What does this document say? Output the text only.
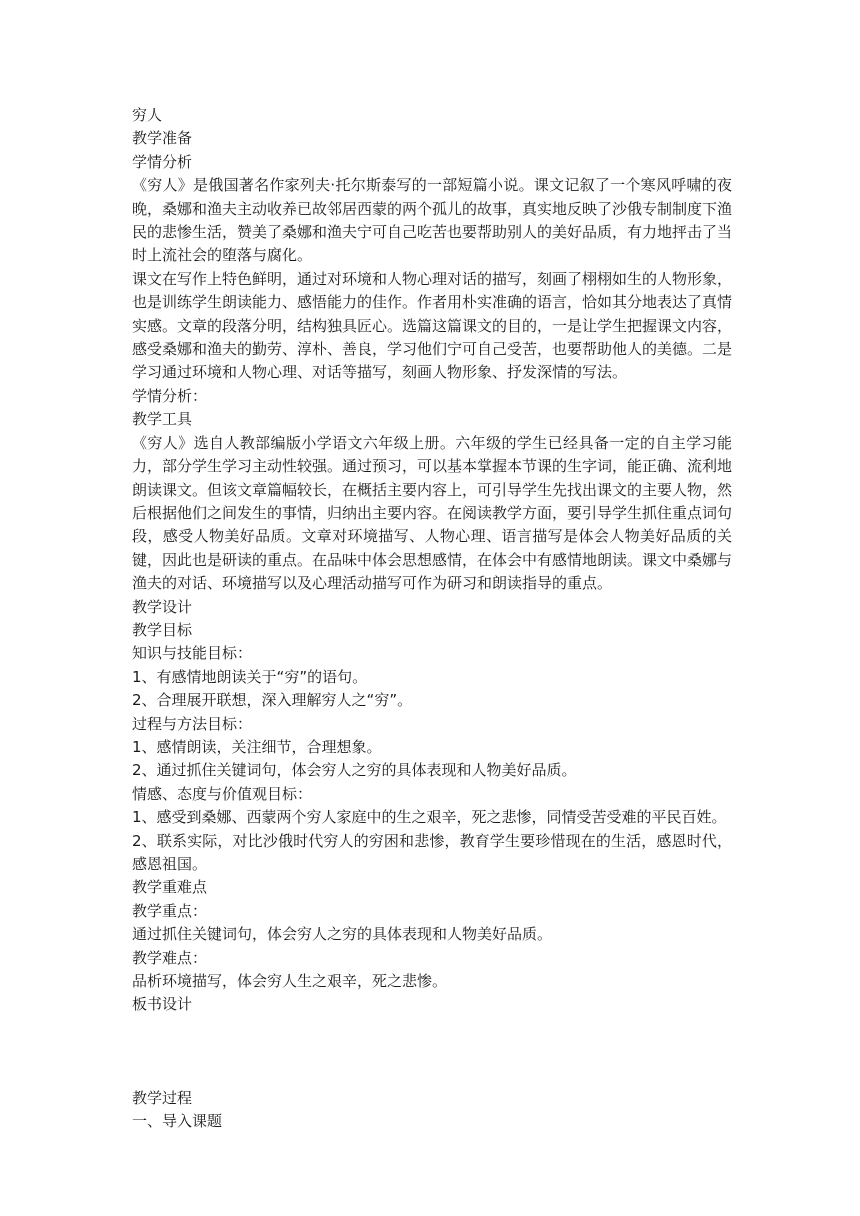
穷人

教学准备

学情分析

《穷人》是俄国著名作家列夫·托尔斯泰写的一部短篇小说。课文记叙了一个寒风呼啸的夜晚，桑娜和渔夫主动收养已故邻居西蒙的两个孤儿的故事，真实地反映了沙俄专制制度下渔民的悲惨生活，赞美了桑娜和渔夫宁可自己吃苦也要帮助别人的美好品质，有力地抨击了当时上流社会的堕落与腐化。

课文在写作上特色鲜明，通过对环境和人物心理对话的描写，刻画了栩栩如生的人物形象，也是训练学生朗读能力、感悟能力的佳作。作者用朴实准确的语言，恰如其分地表达了真情实感。文章的段落分明，结构独具匠心。选篇这篇课文的目的，一是让学生把握课文内容，感受桑娜和渔夫的勤劳、淳朴、善良，学习他们宁可自己受苦，也要帮助他人的美德。二是学习通过环境和人物心理、对话等描写，刻画人物形象、抒发深情的写法。

学情分析：

教学工具

《穷人》选自人教部编版小学语文六年级上册。六年级的学生已经具备一定的自主学习能力，部分学生学习主动性较强。通过预习，可以基本掌握本节课的生字词，能正确、流利地朗读课文。但该文章篇幅较长，在概括主要内容上，可引导学生先找出课文的主要人物，然后根据他们之间发生的事情，归纳出主要内容。在阅读教学方面，要引导学生抓住重点词句段，感受人物美好品质。文章对环境描写、人物心理、语言描写是体会人物美好品质的关键，因此也是研读的重点。在品味中体会思想感情，在体会中有感情地朗读。课文中桑娜与渔夫的对话、环境描写以及心理活动描写可作为研习和朗读指导的重点。

教学设计

教学目标

知识与技能目标：

1、有感情地朗读关于“穷”的语句。

2、合理展开联想，深入理解穷人之“穷”。

过程与方法目标：

1、感情朗读，关注细节，合理想象。

2、通过抓住关键词句，体会穷人之穷的具体表现和人物美好品质。

情感、态度与价值观目标：

1、感受到桑娜、西蒙两个穷人家庭中的生之艰辛，死之悲惨，同情受苦受难的平民百姓。

2、联系实际，对比沙俄时代穷人的穷困和悲惨，教育学生要珍惜现在的生活，感恩时代，感恩祖国。

教学重难点

教学重点：

通过抓住关键词句，体会穷人之穷的具体表现和人物美好品质。

教学难点：

品析环境描写，体会穷人生之艰辛，死之悲惨。

板书设计

教学过程

一、导入课题
